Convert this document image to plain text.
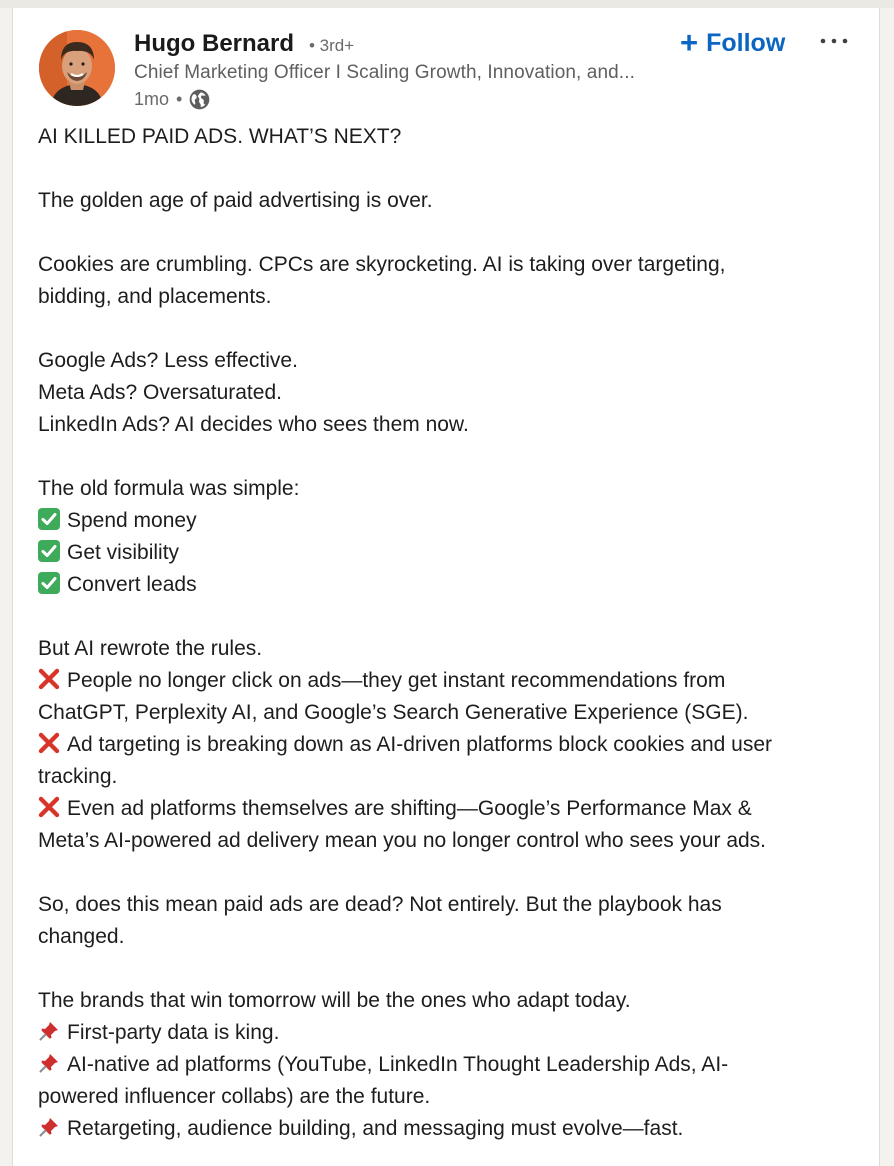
Hugo Bernard • 3rd+
Chief Marketing Officer I Scaling Growth, Innovation, and...
1mo •
+ Follow
AI KILLED PAID ADS. WHAT’S NEXT?
The golden age of paid advertising is over.
Cookies are crumbling. CPCs are skyrocketing. AI is taking over targeting,
bidding, and placements.
Google Ads? Less effective.
Meta Ads? Oversaturated.
LinkedIn Ads? AI decides who sees them now.
The old formula was simple:
Spend money
Get visibility
Convert leads
But AI rewrote the rules.
People no longer click on ads—they get instant recommendations from
ChatGPT, Perplexity AI, and Google’s Search Generative Experience (SGE).
Ad targeting is breaking down as AI-driven platforms block cookies and user
tracking.
Even ad platforms themselves are shifting—Google’s Performance Max &
Meta’s AI-powered ad delivery mean you no longer control who sees your ads.
So, does this mean paid ads are dead? Not entirely. But the playbook has
changed.
The brands that win tomorrow will be the ones who adapt today.
First-party data is king.
AI-native ad platforms (YouTube, LinkedIn Thought Leadership Ads, AI-
powered influencer collabs) are the future.
Retargeting, audience building, and messaging must evolve—fast.
